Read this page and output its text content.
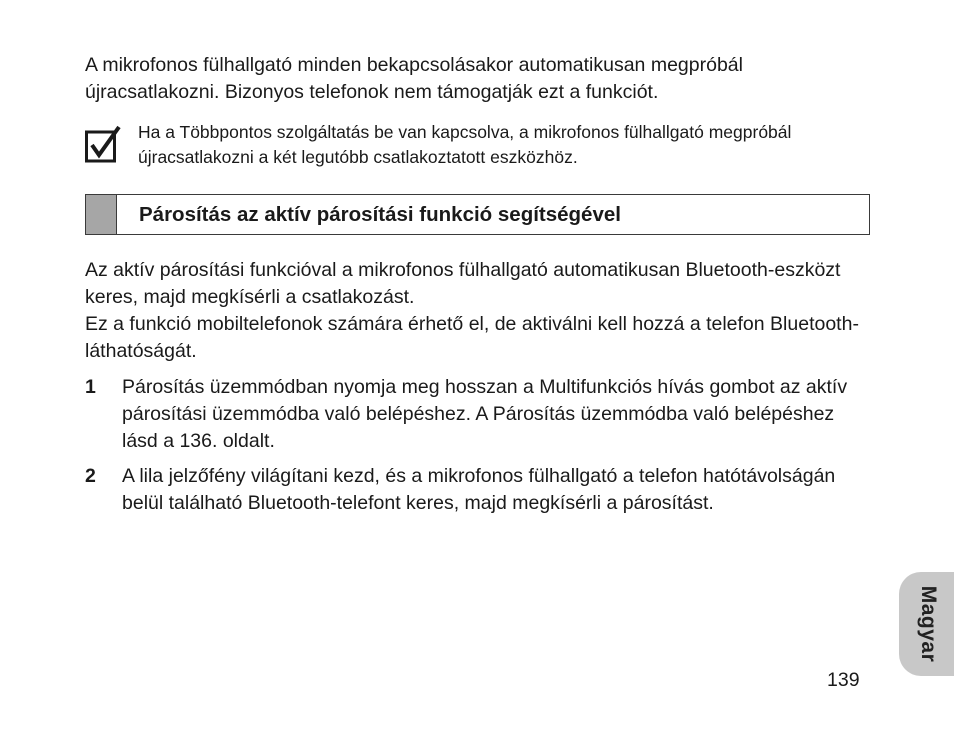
A mikrofonos fülhallgató minden bekapcsolásakor automatikusan megpróbál újracsatlakozni. Bizonyos telefonok nem támogatják ezt a funkciót.

Ha a Többpontos szolgáltatás be van kapcsolva, a mikrofonos fülhallgató megpróbál újracsatlakozni a két legutóbb csatlakoztatott eszközhöz.

Párosítás az aktív párosítási funkció segítségével

Az aktív párosítási funkcióval a mikrofonos fülhallgató automatikusan Bluetooth-eszközt keres, majd megkísérli a csatlakozást.

Ez a funkció mobiltelefonok számára érhető el, de aktiválni kell hozzá a telefon Bluetooth-láthatóságát.

1 Párosítás üzemmódban nyomja meg hosszan a Multifunkciós hívás gombot az aktív párosítási üzemmódba való belépéshez. A Párosítás üzemmódba való belépéshez lásd a 136. oldalt.

2 A lila jelzőfény világítani kezd, és a mikrofonos fülhallgató a telefon hatótávolságán belül található Bluetooth-telefont keres, majd megkísérli a párosítást.

Magyar
139
